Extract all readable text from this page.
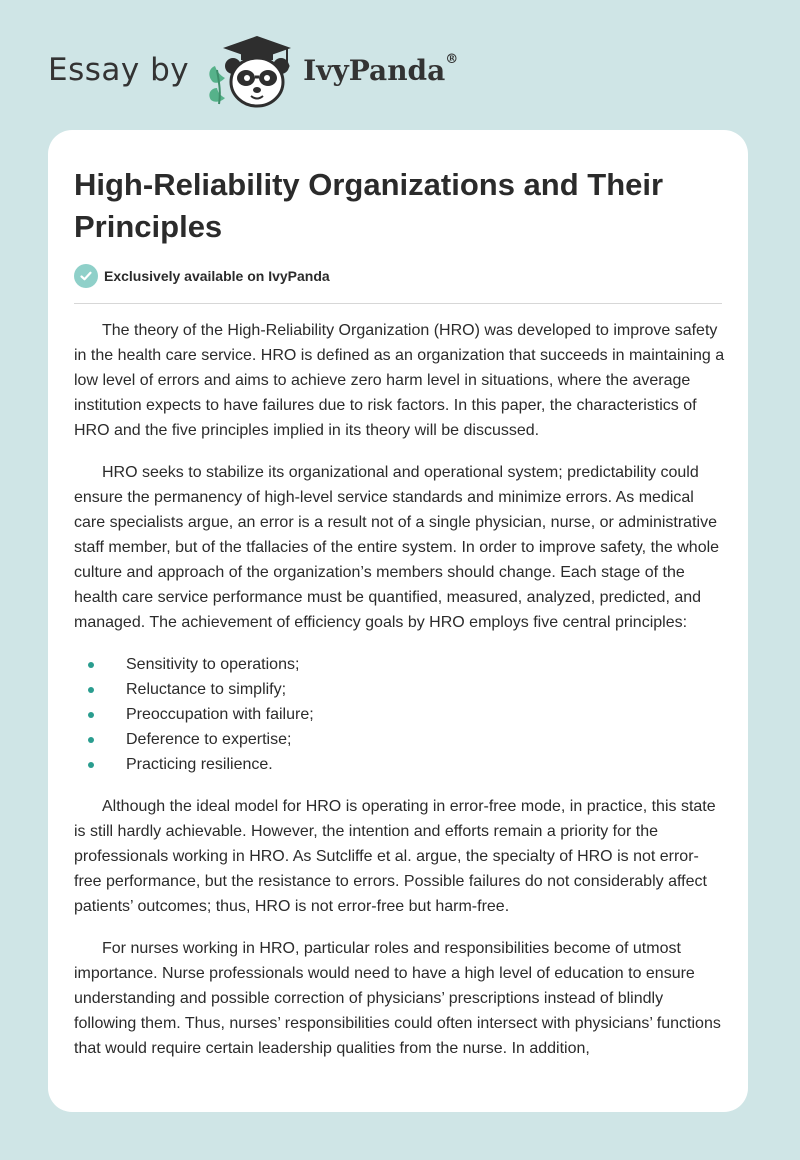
Essay by	IvyPanda®
High-Reliability Organizations and Their Principles
Exclusively available on IvyPanda

The theory of the High-Reliability Organization (HRO) was developed to improve safety in the health care service. HRO is defined as an organization that succeeds in maintaining a low level of errors and aims to achieve zero harm level in situations, where the average institution expects to have failures due to risk factors. In this paper, the characteristics of HRO and the five principles implied in its theory will be discussed.

HRO seeks to stabilize its organizational and operational system; predictability could ensure the permanency of high-level service standards and minimize errors. As medical care specialists argue, an error is a result not of a single physician, nurse, or administrative staff member, but of the tfallacies of the entire system. In order to improve safety, the whole culture and approach of the organization’s members should change. Each stage of the health care service performance must be quantified, measured, analyzed, predicted, and managed. The achievement of efficiency goals by HRO employs five central principles:

Sensitivity to operations;
Reluctance to simplify;
Preoccupation with failure;
Deference to expertise;
Practicing resilience.

Although the ideal model for HRO is operating in error-free mode, in practice, this state is still hardly achievable. However, the intention and efforts remain a priority for the professionals working in HRO. As Sutcliffe et al. argue, the specialty of HRO is not error-free performance, but the resistance to errors. Possible failures do not considerably affect patients’ outcomes; thus, HRO is not error-free but harm-free.

For nurses working in HRO, particular roles and responsibilities become of utmost importance. Nurse professionals would need to have a high level of education to ensure understanding and possible correction of physicians’ prescriptions instead of blindly following them. Thus, nurses’ responsibilities could often intersect with physicians’ functions that would require certain leadership qualities from the nurse. In addition,
